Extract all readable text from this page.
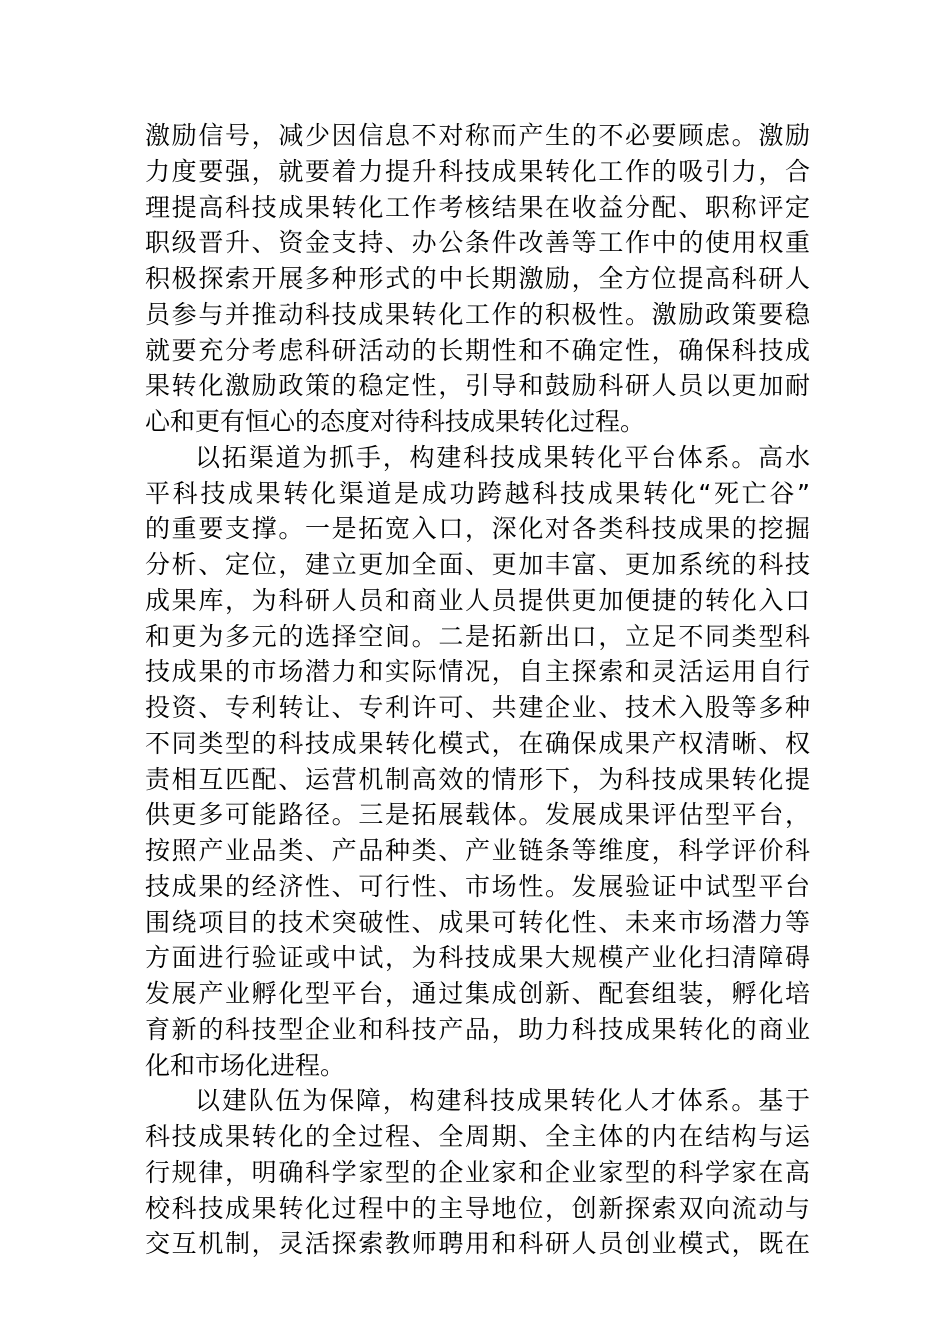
激励信号，减少因信息不对称而产生的不必要顾虑。激励
力度要强，就要着力提升科技成果转化工作的吸引力，合
理提高科技成果转化工作考核结果在收益分配、职称评定
职级晋升、资金支持、办公条件改善等工作中的使用权重
积极探索开展多种形式的中长期激励，全方位提高科研人
员参与并推动科技成果转化工作的积极性。激励政策要稳
就要充分考虑科研活动的长期性和不确定性，确保科技成
果转化激励政策的稳定性，引导和鼓励科研人员以更加耐
心和更有恒心的态度对待科技成果转化过程。
以拓渠道为抓手，构建科技成果转化平台体系。高水
平科技成果转化渠道是成功跨越科技成果转化“死亡谷”
的重要支撑。一是拓宽入口，深化对各类科技成果的挖掘
分析、定位，建立更加全面、更加丰富、更加系统的科技
成果库，为科研人员和商业人员提供更加便捷的转化入口
和更为多元的选择空间。二是拓新出口，立足不同类型科
技成果的市场潜力和实际情况，自主探索和灵活运用自行
投资、专利转让、专利许可、共建企业、技术入股等多种
不同类型的科技成果转化模式，在确保成果产权清晰、权
责相互匹配、运营机制高效的情形下，为科技成果转化提
供更多可能路径。三是拓展载体。发展成果评估型平台，
按照产业品类、产品种类、产业链条等维度，科学评价科
技成果的经济性、可行性、市场性。发展验证中试型平台
围绕项目的技术突破性、成果可转化性、未来市场潜力等
方面进行验证或中试，为科技成果大规模产业化扫清障碍
发展产业孵化型平台，通过集成创新、配套组装，孵化培
育新的科技型企业和科技产品，助力科技成果转化的商业
化和市场化进程。
以建队伍为保障，构建科技成果转化人才体系。基于
科技成果转化的全过程、全周期、全主体的内在结构与运
行规律，明确科学家型的企业家和企业家型的科学家在高
校科技成果转化过程中的主导地位，创新探索双向流动与
交互机制，灵活探索教师聘用和科研人员创业模式，既在
